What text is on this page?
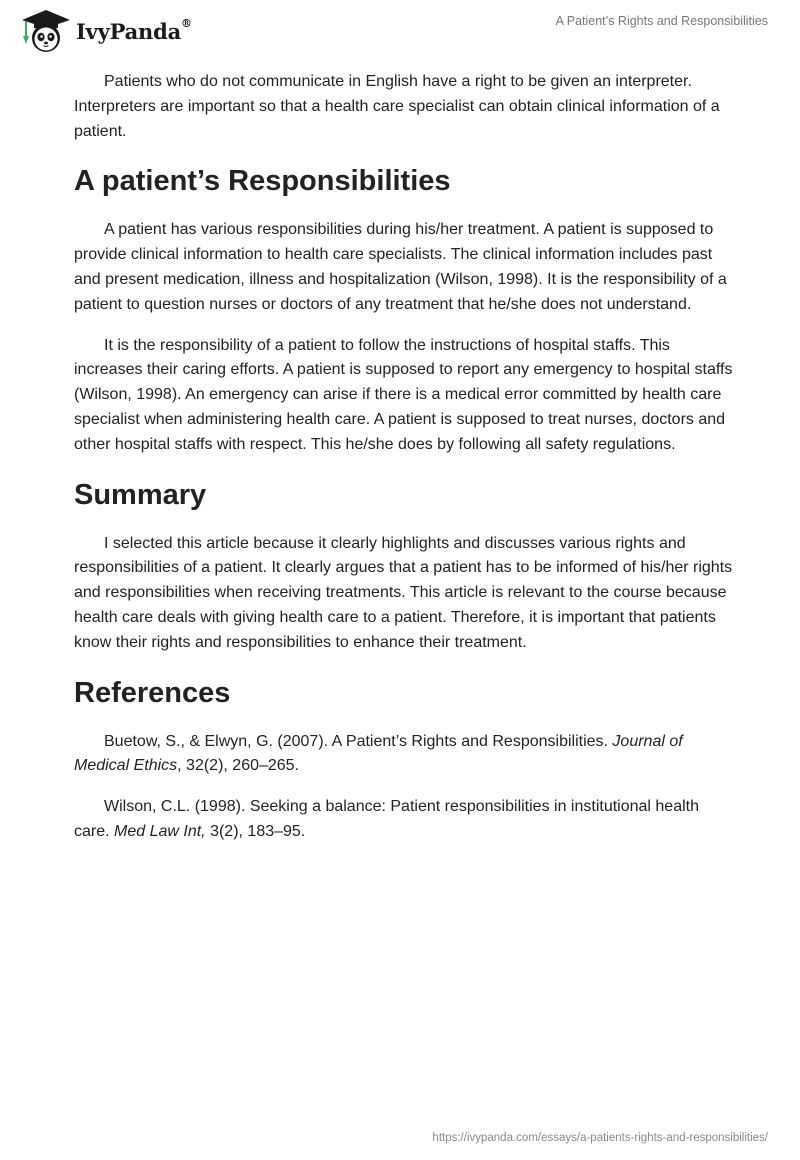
IvyPanda®	A Patient’s Rights and Responsibilities

Patients who do not communicate in English have a right to be given an interpreter. Interpreters are important so that a health care specialist can obtain clinical information of a patient.

A patient’s Responsibilities

A patient has various responsibilities during his/her treatment. A patient is supposed to provide clinical information to health care specialists. The clinical information includes past and present medication, illness and hospitalization (Wilson, 1998). It is the responsibility of a patient to question nurses or doctors of any treatment that he/she does not understand.

It is the responsibility of a patient to follow the instructions of hospital staffs. This increases their caring efforts. A patient is supposed to report any emergency to hospital staffs (Wilson, 1998). An emergency can arise if there is a medical error committed by health care specialist when administering health care. A patient is supposed to treat nurses, doctors and other hospital staffs with respect. This he/she does by following all safety regulations.

Summary

I selected this article because it clearly highlights and discusses various rights and responsibilities of a patient. It clearly argues that a patient has to be informed of his/her rights and responsibilities when receiving treatments. This article is relevant to the course because health care deals with giving health care to a patient. Therefore, it is important that patients know their rights and responsibilities to enhance their treatment.

References

Buetow, S., & Elwyn, G. (2007). A Patient’s Rights and Responsibilities. Journal of Medical Ethics, 32(2), 260–265.

Wilson, C.L. (1998). Seeking a balance: Patient responsibilities in institutional health care. Med Law Int, 3(2), 183–95.

https://ivypanda.com/essays/a-patients-rights-and-responsibilities/
